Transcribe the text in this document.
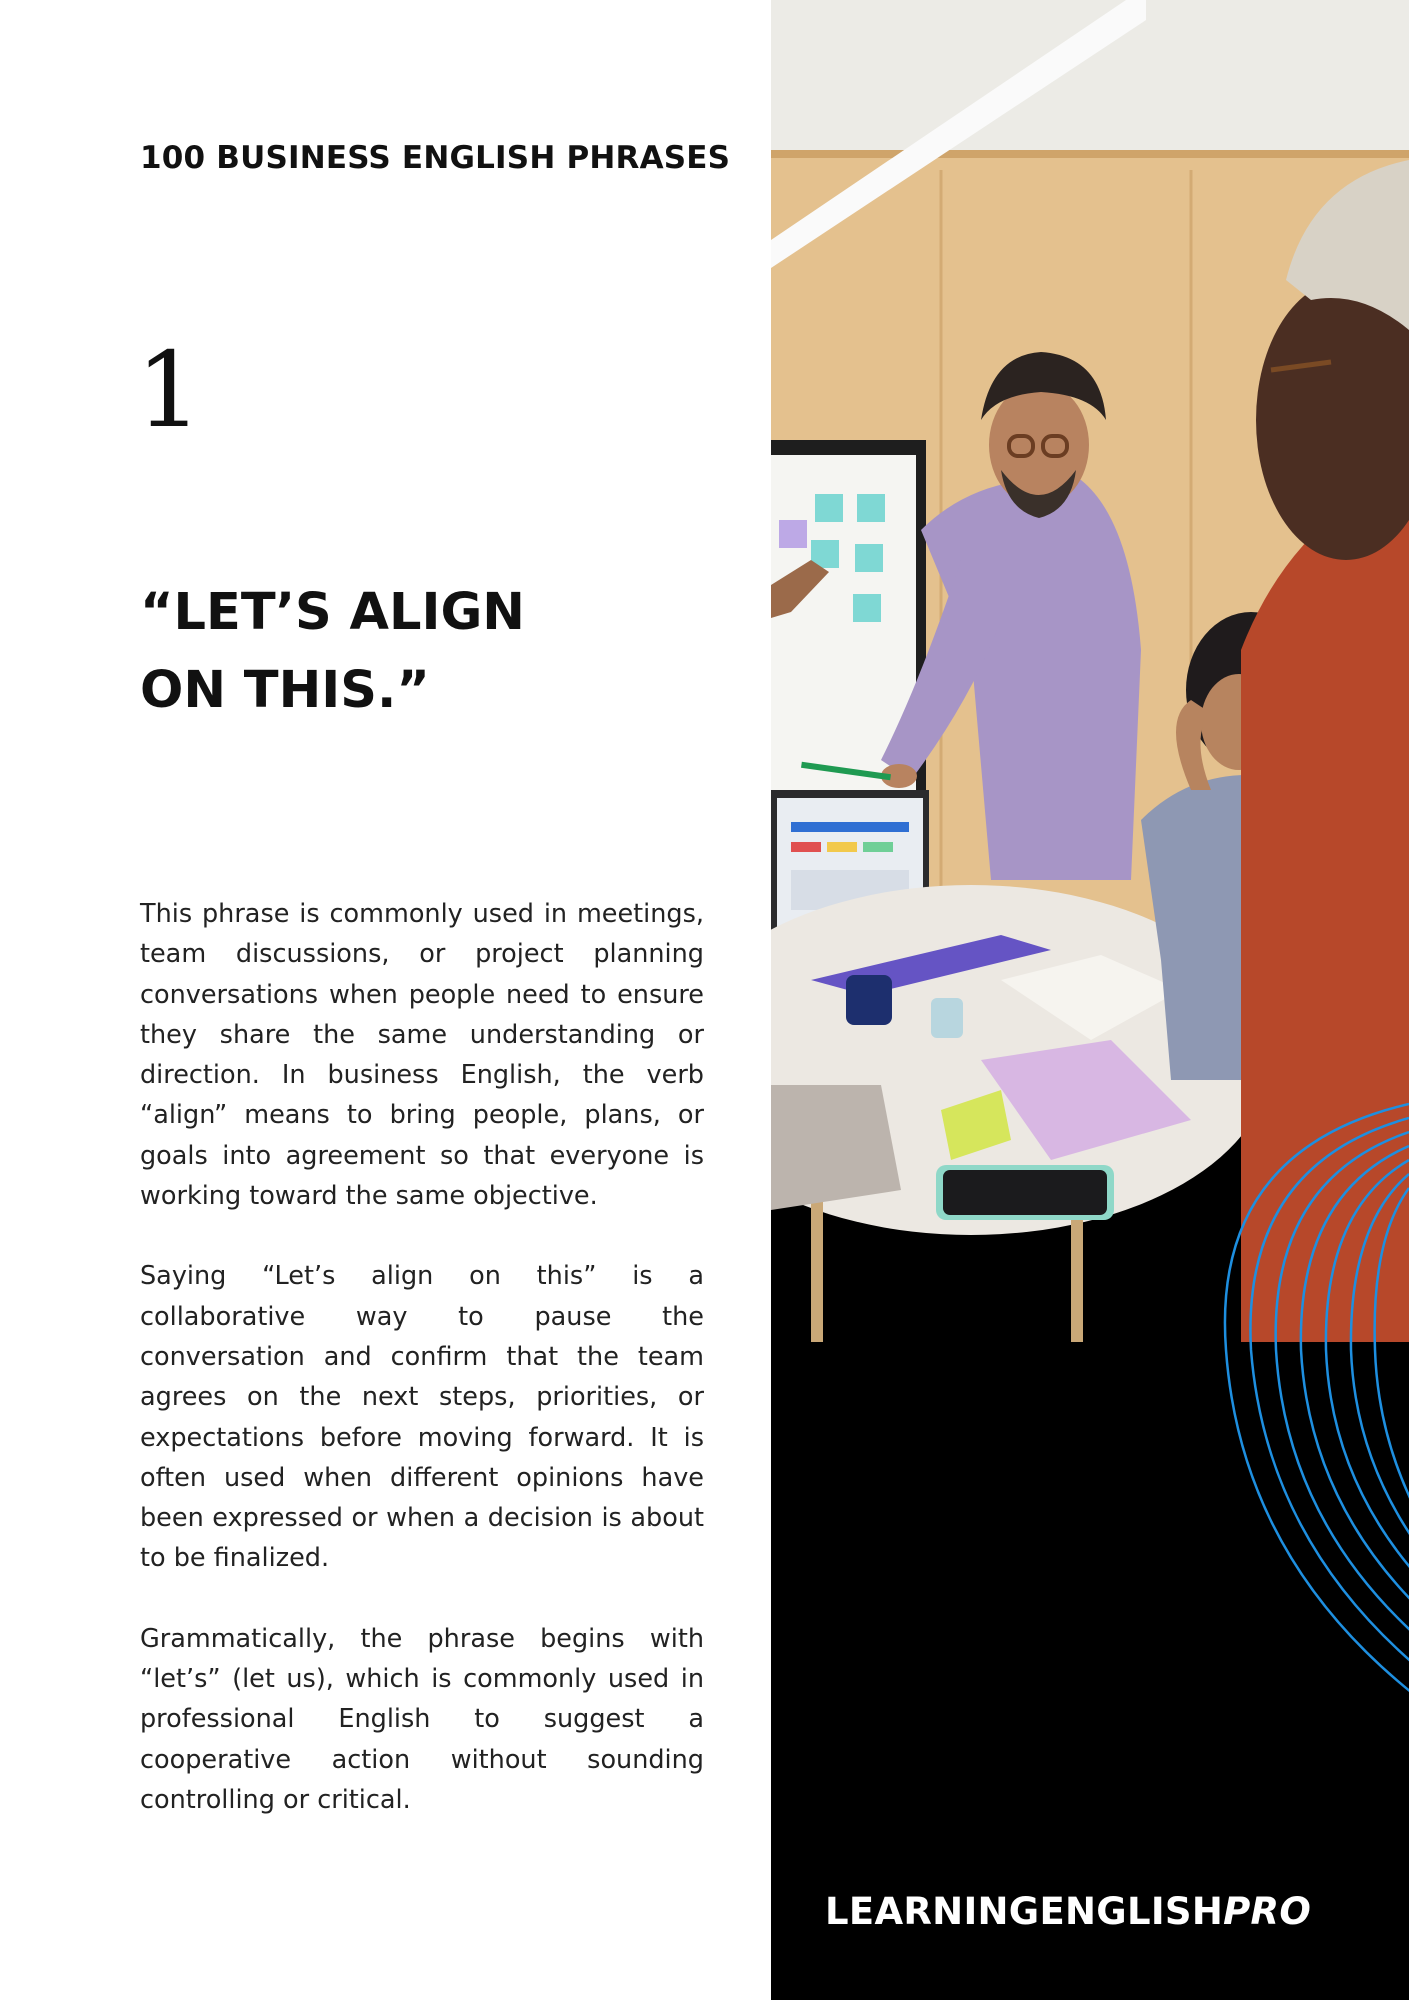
100 BUSINESS ENGLISH PHRASES
1
“LET’S ALIGN
ON THIS.”

This phrase is commonly used in meetings, team discussions, or project planning conversations when people need to ensure they share the same understanding or direction. In business English, the verb “align” means to bring people, plans, or goals into agreement so that everyone is working toward the same objective.

Saying “Let’s align on this” is a collaborative way to pause the conversation and confirm that the team agrees on the next steps, priorities, or expectations before moving forward. It is often used when different opinions have been expressed or when a decision is about to be finalized.

Grammatically, the phrase begins with “let’s” (let us), which is commonly used in professional English to suggest a cooperative action without sounding controlling or critical.

LEARNINGENGLISHPRO
